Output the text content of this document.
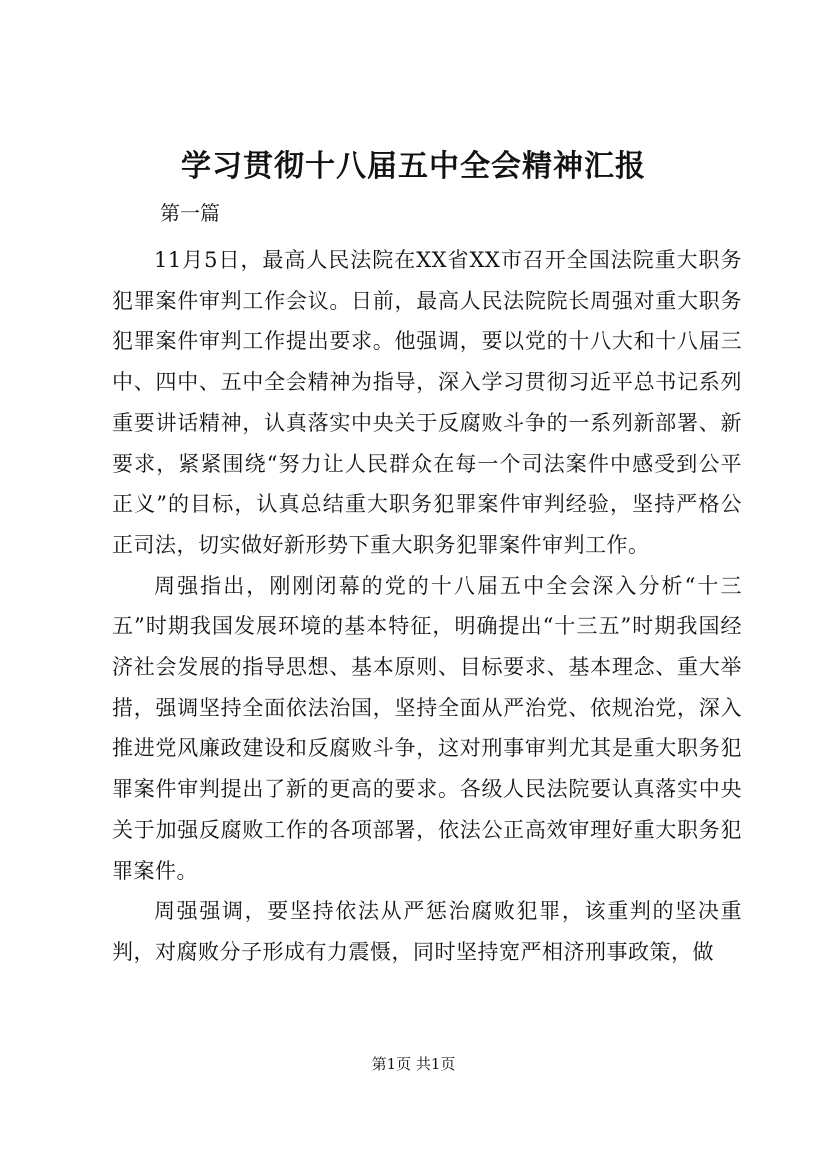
学习贯彻十八届五中全会精神汇报
第一篇

11月5日，最高人民法院在XX省XX市召开全国法院重大职务犯罪案件审判工作会议。日前，最高人民法院院长周强对重大职务犯罪案件审判工作提出要求。他强调，要以党的十八大和十八届三中、四中、五中全会精神为指导，深入学习贯彻习近平总书记系列重要讲话精神，认真落实中央关于反腐败斗争的一系列新部署、新要求，紧紧围绕“努力让人民群众在每一个司法案件中感受到公平正义”的目标，认真总结重大职务犯罪案件审判经验，坚持严格公正司法，切实做好新形势下重大职务犯罪案件审判工作。

周强指出，刚刚闭幕的党的十八届五中全会深入分析“十三五”时期我国发展环境的基本特征，明确提出“十三五”时期我国经济社会发展的指导思想、基本原则、目标要求、基本理念、重大举措，强调坚持全面依法治国，坚持全面从严治党、依规治党，深入推进党风廉政建设和反腐败斗争，这对刑事审判尤其是重大职务犯罪案件审判提出了新的更高的要求。各级人民法院要认真落实中央关于加强反腐败工作的各项部署，依法公正高效审理好重大职务犯罪案件。

周强强调，要坚持依法从严惩治腐败犯罪，该重判的坚决重判，对腐败分子形成有力震慑，同时坚持宽严相济刑事政策，做

第1页 共1页
